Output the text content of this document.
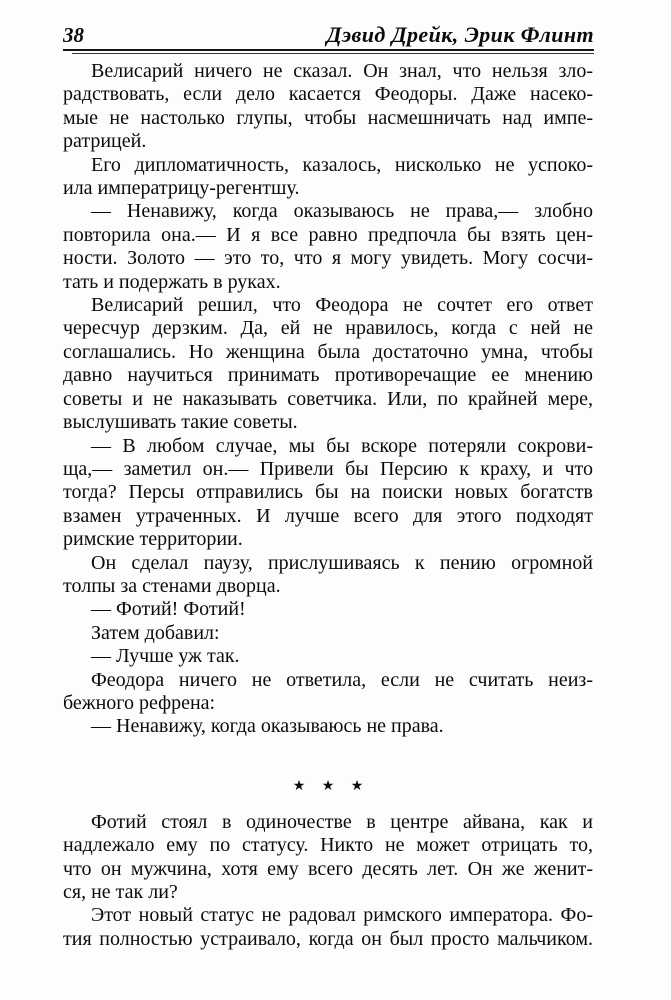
38	Дэвид Дрейк, Эрик Флинт
Велисарий ничего не сказал. Он знал, что нельзя зло-
радствовать, если дело касается Феодоры. Даже насеко-
мые не настолько глупы, чтобы насмешничать над импе-
ратрицей.
Его дипломатичность, казалось, нисколько не успоко-
ила императрицу-регентшу.
— Ненавижу, когда оказываюсь не права,— злобно
повторила она.— И я все равно предпочла бы взять цен-
ности. Золото — это то, что я могу увидеть. Могу сосчи-
тать и подержать в руках.
Велисарий решил, что Феодора не сочтет его ответ
чересчур дерзким. Да, ей не нравилось, когда с ней не
соглашались. Но женщина была достаточно умна, чтобы
давно научиться принимать противоречащие ее мнению
советы и не наказывать советчика. Или, по крайней мере,
выслушивать такие советы.
— В любом случае, мы бы вскоре потеряли сокрови-
ща,— заметил он.— Привели бы Персию к краху, и что
тогда? Персы отправились бы на поиски новых богатств
взамен утраченных. И лучше всего для этого подходят
римские территории.
Он сделал паузу, прислушиваясь к пению огромной
толпы за стенами дворца.
— Фотий! Фотий!
Затем добавил:
— Лучше уж так.
Феодора ничего не ответила, если не считать неиз-
бежного рефрена:
— Ненавижу, когда оказываюсь не права.
★ ★ ★
Фотий стоял в одиночестве в центре айвана, как и
надлежало ему по статусу. Никто не может отрицать то,
что он мужчина, хотя ему всего десять лет. Он же женит-
ся, не так ли?
Этот новый статус не радовал римского императора. Фо-
тия полностью устраивало, когда он был просто мальчиком.
